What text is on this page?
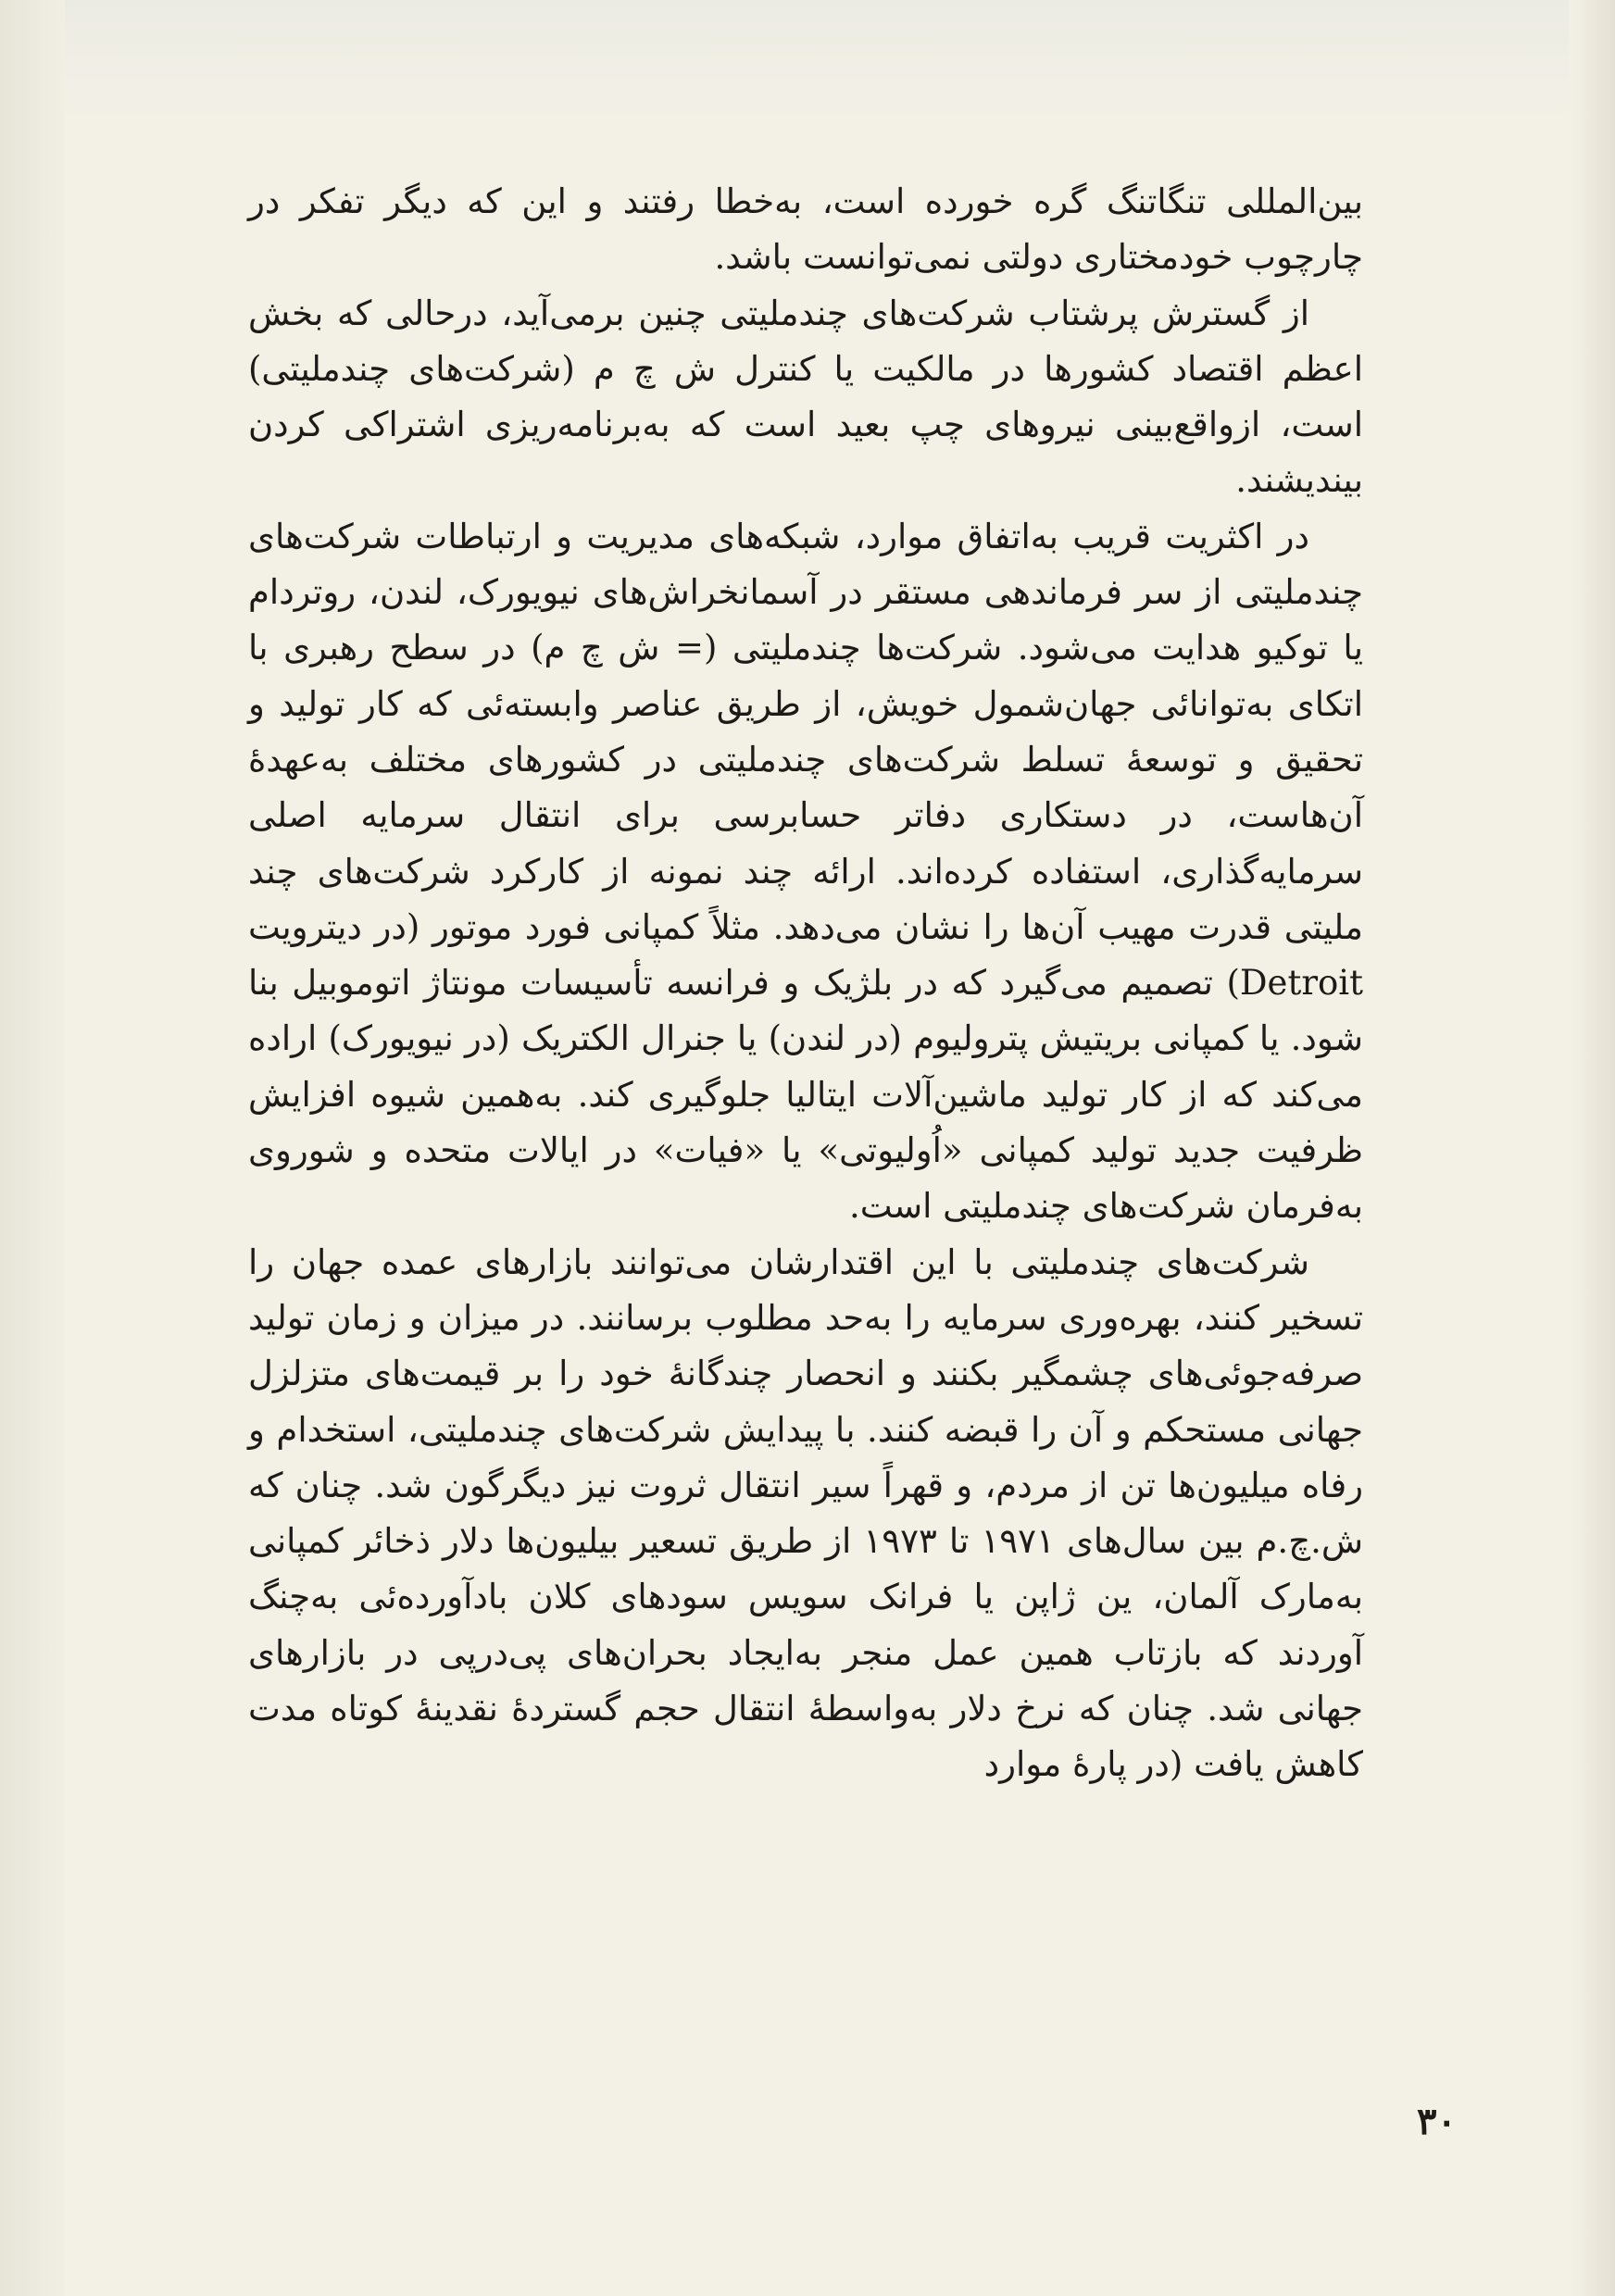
بین‌المللی تنگاتنگ گره خورده است، به‌خطا رفتند و این که دیگر تفکر در چارچوب خودمختاری دولتی نمی‌توانست باشد.

از گسترش پرشتاب شرکت‌های چندملیتی چنین برمی‌آید، درحالی که بخش اعظم اقتصاد کشورها در مالکیت یا کنترل ش چ م (شرکت‌های چندملیتی) است، ازواقع‌بینی نیروهای چپ بعید است که به‌برنامه‌ریزی اشتراکی کردن بیندیشند.

در اکثریت قریب به‌اتفاق موارد، شبکه‌های مدیریت و ارتباطات شرکت‌های چندملیتی از سر فرماندهی مستقر در آسمانخراش‌های نیویورک، لندن، روتردام یا توکیو هدایت می‌شود. شرکت‌ها چندملیتی (= ش چ م) در سطح رهبری با اتکای به‌توانائی جهان‌شمول خویش، از طریق عناصر وابسته‌ئی که کار تولید و تحقیق و توسعهٔ تسلط شرکت‌های چندملیتی در کشورهای مختلف به‌عهدهٔ آن‌هاست، در دستکاری دفاتر حسابرسی برای انتقال سرمایه اصلی سرمایه‌گذاری، استفاده کرده‌اند. ارائه چند نمونه از کارکرد شرکت‌های چند ملیتی قدرت مهیب آن‌ها را نشان می‌دهد. مثلاً کمپانی فورد موتور (در دیترویت Detroit) تصمیم می‌گیرد که در بلژیک و فرانسه تأسیسات مونتاژ اتوموبیل بنا شود. یا کمپانی بریتیش پترولیوم (در لندن) یا جنرال الکتریک (در نیویورک) اراده می‌کند که از کار تولید ماشین‌آلات ایتالیا جلوگیری کند. به‌همین شیوه افزایش ظرفیت جدید تولید کمپانی «اُولیوتی» یا «فیات» در ایالات متحده و شوروی به‌فرمان شرکت‌های چندملیتی است.

شرکت‌های چندملیتی با این اقتدارشان می‌توانند بازارهای عمده جهان را تسخیر کنند، بهره‌وری سرمایه را به‌حد مطلوب برسانند. در میزان و زمان تولید صرفه‌جوئی‌های چشمگیر بکنند و انحصار چندگانهٔ خود را بر قیمت‌های متزلزل جهانی مستحکم و آن را قبضه کنند. با پیدایش شرکت‌های چندملیتی، استخدام و رفاه میلیون‌ها تن از مردم، و قهراً سیر انتقال ثروت نیز دیگرگون شد. چنان که ش.چ.م بین سال‌های ۱۹۷۱ تا ۱۹۷۳ از طریق تسعیر بیلیون‌ها دلار ذخائر کمپانی به‌مارک آلمان، ین ژاپن یا فرانک سویس سودهای کلان بادآورده‌ئی به‌چنگ آوردند که بازتاب همین عمل منجر به‌ایجاد بحران‌های پی‌درپی در بازارهای جهانی شد. چنان که نرخ دلار به‌واسطهٔ انتقال حجم گستردهٔ نقدینهٔ کوتاه مدت کاهش یافت (در پارهٔ موارد

۳۰
